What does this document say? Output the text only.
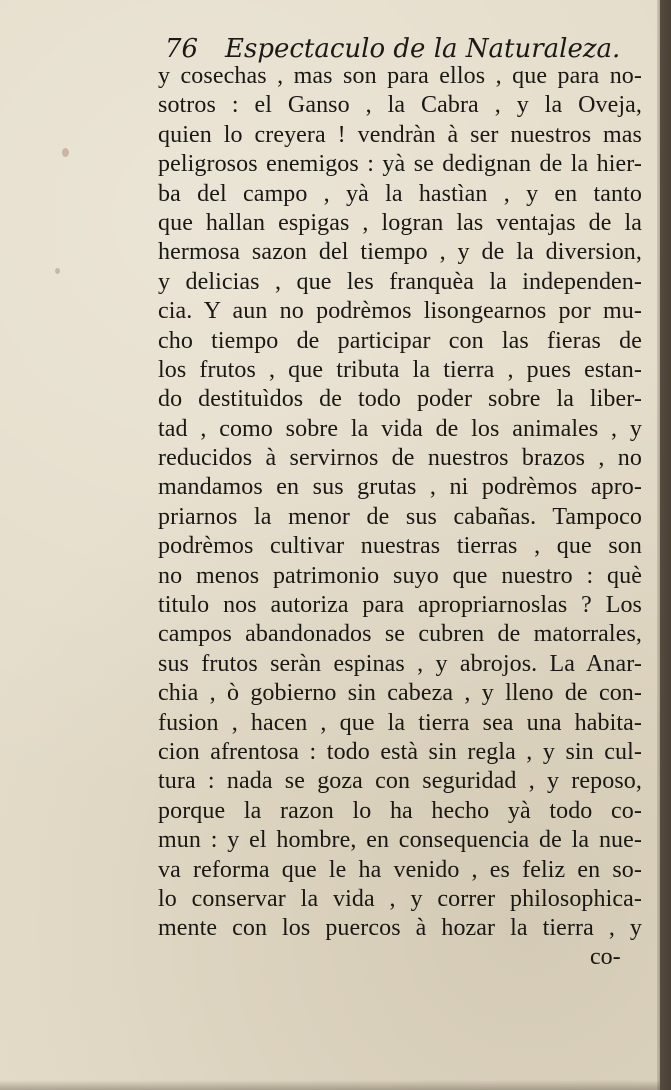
76 Espectaculo de la Naturaleza.
y cosechas , mas son para ellos , que para no-
sotros : el Ganso , la Cabra , y la Oveja,
quien lo creyera ! vendràn à ser nuestros mas
peligrosos enemigos : yà se dedignan de la hier-
ba del campo , yà la hastìan , y en tanto
que hallan espigas , logran las ventajas de la
hermosa sazon del tiempo , y de la diversion,
y delicias , que les franquèa la independen-
cia. Y aun no podrèmos lisongearnos por mu-
cho tiempo de participar con las fieras de
los frutos , que tributa la tierra , pues estan-
do destituìdos de todo poder sobre la liber-
tad , como sobre la vida de los animales , y
reducidos à servirnos de nuestros brazos , no
mandamos en sus grutas , ni podrèmos apro-
priarnos la menor de sus cabañas. Tampoco
podrèmos cultivar nuestras tierras , que son
no menos patrimonio suyo que nuestro : què
titulo nos autoriza para apropriarnoslas ? Los
campos abandonados se cubren de matorrales,
sus frutos seràn espinas , y abrojos. La Anar-
chia , ò gobierno sin cabeza , y lleno de con-
fusion , hacen , que la tierra sea una habita-
cion afrentosa : todo està sin regla , y sin cul-
tura : nada se goza con seguridad , y reposo,
porque la razon lo ha hecho yà todo co-
mun : y el hombre, en consequencia de la nue-
va reforma que le ha venido , es feliz en so-
lo conservar la vida , y correr philosophica-
mente con los puercos à hozar la tierra , y
co-
